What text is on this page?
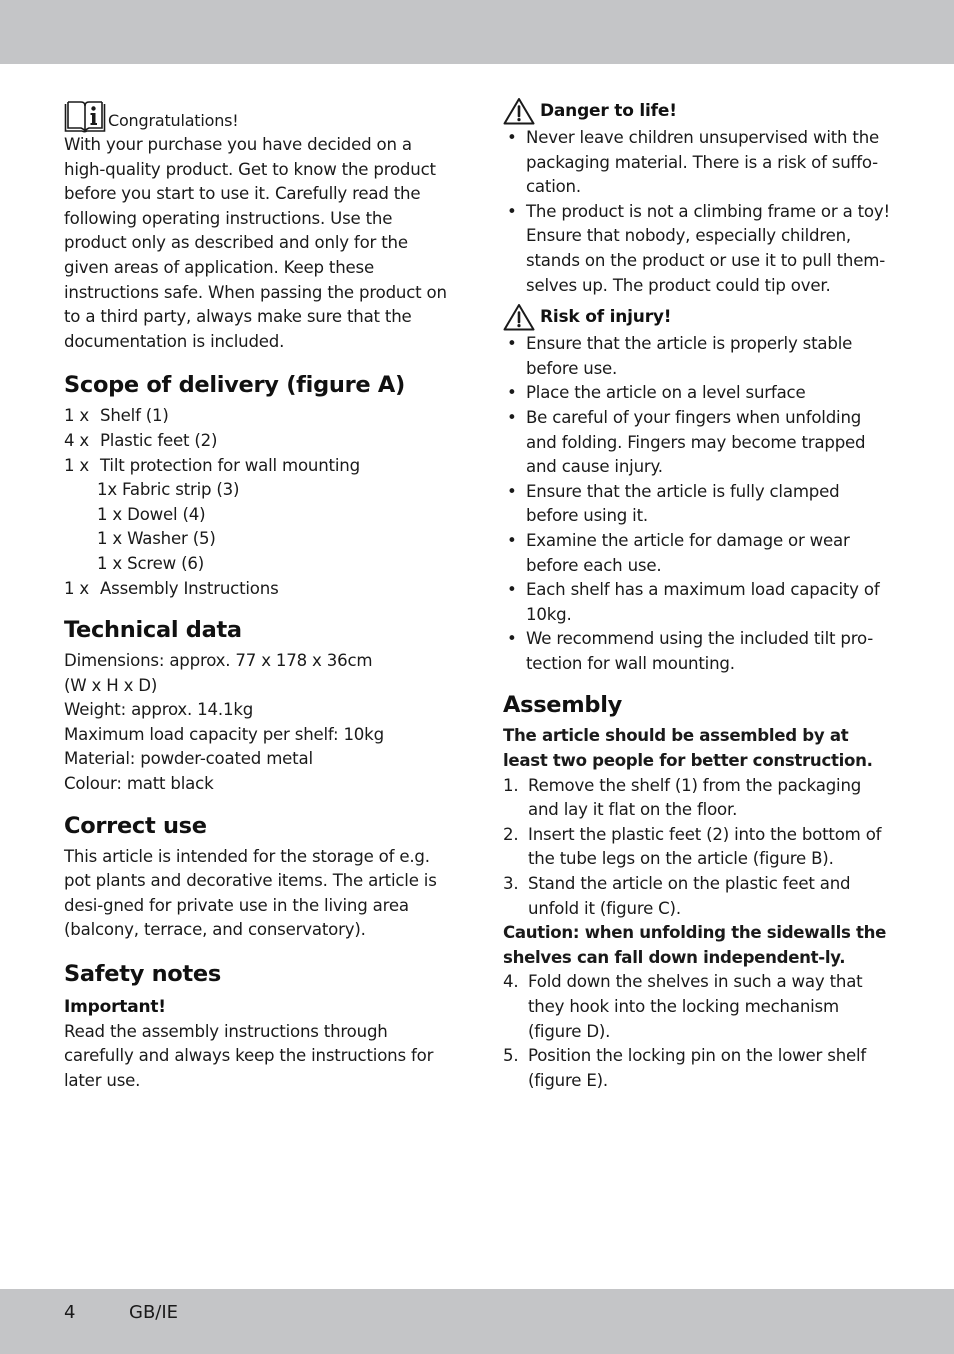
Congratulations!

With your purchase you have decided on a high-quality product. Get to know the product before you start to use it. Carefully read the following operating instructions. Use the product only as described and only for the given areas of application. Keep these instructions safe. When passing the product on to a third party, always make sure that the documentation is included.

Scope of delivery (figure A)
1 x Shelf (1)
4 x Plastic feet (2)
1 x Tilt protection for wall mounting
1x Fabric strip (3)
1 x Dowel (4)
1 x Washer (5)
1 x Screw (6)
1 x Assembly Instructions
Technical data

Dimensions: approx. 77 x 178 x 36cm

(W x H x D)

Weight: approx. 14.1kg

Maximum load capacity per shelf: 10kg

Material: powder-coated metal

Colour: matt black

Correct use

This article is intended for the storage of e.g. pot plants and decorative items. The article is desi-gned for private use in the living area (balcony, terrace, and conservatory).

Safety notes
Important!

Read the assembly instructions through carefully and always keep the instructions for later use.

Danger to life!
• Never leave children unsupervised with the packaging material. There is a risk of suffo-cation.
• The product is not a climbing frame or a toy! Ensure that nobody, especially children, stands on the product or use it to pull them-selves up. The product could tip over.
Risk of injury!
• Ensure that the article is properly stable before use.
• Place the article on a level surface
• Be careful of your fingers when unfolding and folding. Fingers may become trapped and cause injury.
• Ensure that the article is fully clamped before using it.
• Examine the article for damage or wear before each use.
• Each shelf has a maximum load capacity of 10kg.
• We recommend using the included tilt pro-tection for wall mounting.
Assembly

The article should be assembled by at least two people for better construction.

1. Remove the shelf (1) from the packaging and lay it flat on the floor.
2. Insert the plastic feet (2) into the bottom of the tube legs on the article (figure B).
3. Stand the article on the plastic feet and unfold it (figure C).

Caution: when unfolding the sidewalls the shelves can fall down independent-ly.

4. Fold down the shelves in such a way that they hook into the locking mechanism (figure D).
5. Position the locking pin on the lower shelf (figure E).
4	GB/IE
